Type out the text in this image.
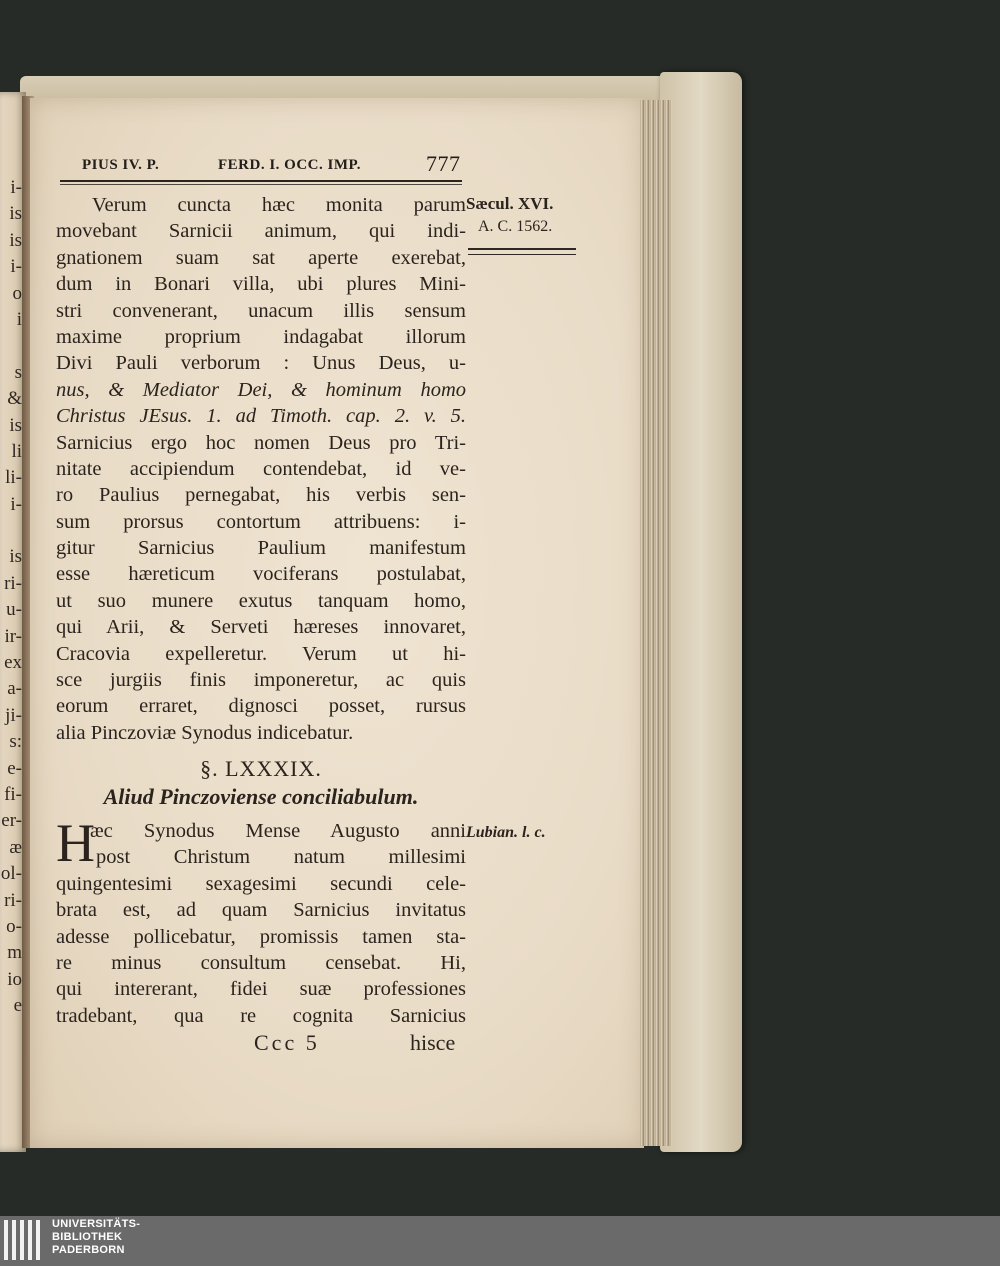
i-
is
is
i-
o
i
s
&
is
li
li-
i-
is
ri-
u-
ir-
ex
a-
ji-
s:
e-
fi-
er-
æ
ol-
ri-
o-
m
io
e
PIUS IV. P.	FERD. I. OCC. IMP.	777
Sæcul. XVI.
A. C. 1562.
Verum cuncta hæc monita parum
movebant Sarnicii animum, qui indi-
gnationem suam sat aperte exerebat,
dum in Bonari villa, ubi plures Mini-
stri convenerant, unacum illis sensum
maxime proprium indagabat illorum
Divi Pauli verborum : Unus Deus, u-
nus, & Mediator Dei, & hominum homo
Christus JEsus. 1. ad Timoth. cap. 2. v. 5.
Sarnicius ergo hoc nomen Deus pro Tri-
nitate accipiendum contendebat, id ve-
ro Paulius pernegabat, his verbis sen-
sum prorsus contortum attribuens: i-
gitur Sarnicius Paulium manifestum
esse hæreticum vociferans postulabat,
ut suo munere exutus tanquam homo,
qui Arii, & Serveti hæreses innovaret,
Cracovia expelleretur. Verum ut hi-
sce jurgiis finis imponeretur, ac quis
eorum erraret, dignosci posset, rursus
alia Pinczoviæ Synodus indicebatur.
§. LXXXIX.
Aliud Pinczoviense conciliabulum.
Lubian. l. c.
H
æc Synodus Mense Augusto anni
post Christum natum millesimi
quingentesimi sexagesimi secundi cele-
brata est, ad quam Sarnicius invitatus
adesse pollicebatur, promissis tamen sta-
re minus consultum censebat. Hi,
qui intererant, fidei suæ professiones
tradebant, qua re cognita Sarnicius
Ccc 5	hisce
UNIVERSITÄTS-
BIBLIOTHEK
PADERBORN
